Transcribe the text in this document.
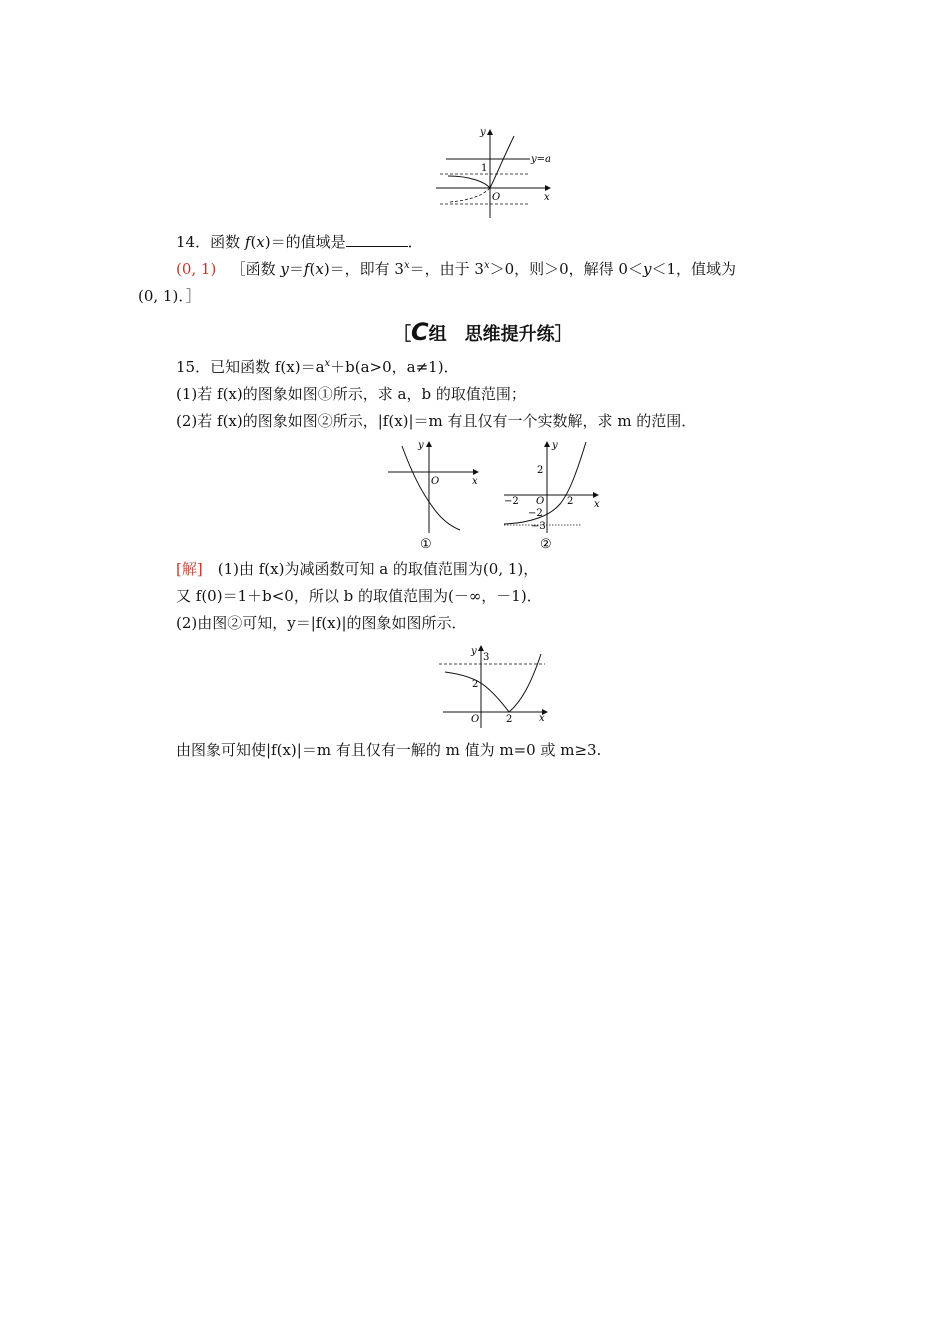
y
x
O
1
y=a
14．函数 f(x)＝的值域是	．
(0, 1) ［函数 y＝f(x)＝，即有 $3^x=$，由于 $3^x>0$，则＞0，解得 0＜y＜1，值域为
(0, 1)．］
［C组　思维提升练］
15．已知函数 $f(x)=a^x+b(a>0$，a≠1)．
(1)若 f(x)的图象如图①所示，求 a，b 的取值范围；
(2)若 f(x)的图象如图②所示，|f(x)|＝m 有且仅有一个实数解，求 m 的范围．
y
x
O
①
y
x
O
2
−2	2
−2
−3
②
[解]　(1)由 f(x)为减函数可知 a 的取值范围为(0, 1)，
又 f(0)＝1＋b<0，所以 b 的取值范围为(－∞，－1)．
(2)由图②可知，y＝|f(x)|的图象如图所示．
y
x
O
3
2
2
由图象可知使|f(x)|＝m 有且仅有一解的 m 值为 m=0 或 m≥3.
